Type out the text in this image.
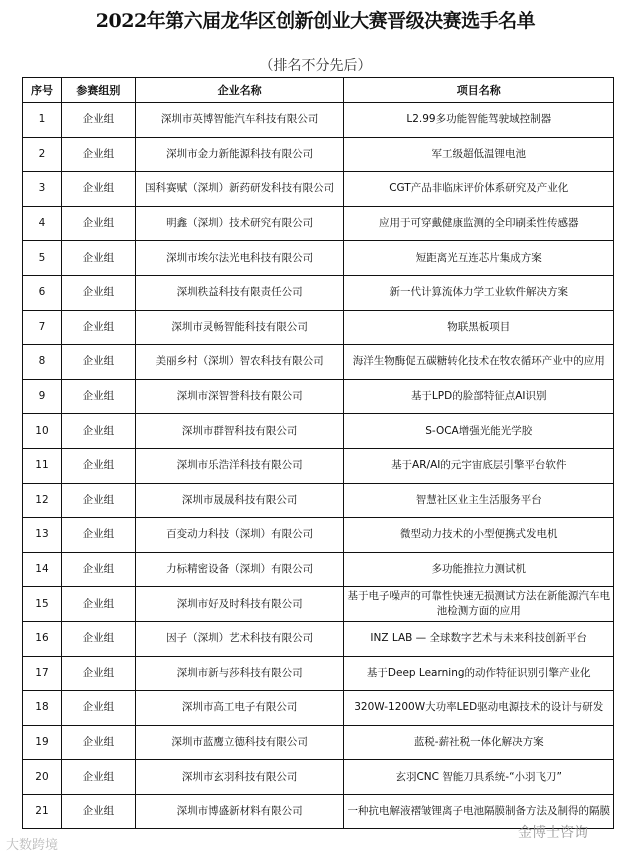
2022年第六届龙华区创新创业大赛晋级决赛选手名单
（排名不分先后）
序号	参赛组别	企业名称	项目名称
1	企业组	深圳市英博智能汽车科技有限公司	L2.99多功能智能驾驶域控制器
2	企业组	深圳市金力新能源科技有限公司	军工级超低温锂电池
3	企业组	国科赛赋（深圳）新药研发科技有限公司	CGT产品非临床评价体系研究及产业化
4	企业组	明鑫（深圳）技术研究有限公司	应用于可穿戴健康监测的全印刷柔性传感器
5	企业组	深圳市埃尔法光电科技有限公司	短距离光互连芯片集成方案
6	企业组	深圳秩益科技有限责任公司	新一代计算流体力学工业软件解决方案
7	企业组	深圳市灵畅智能科技有限公司	物联黑板项目
8	企业组	美丽乡村（深圳）智农科技有限公司	海洋生物酶促五碳糖转化技术在牧农循环产业中的应用
9	企业组	深圳市深智誉科技有限公司	基于LPD的脸部特征点AI识别
10	企业组	深圳市群智科技有限公司	S-OCA增强光能光学胶
11	企业组	深圳市乐浩洋科技有限公司	基于AR/AI的元宇宙底层引擎平台软件
12	企业组	深圳市晟晟科技有限公司	智慧社区业主生活服务平台
13	企业组	百变动力科技（深圳）有限公司	微型动力技术的小型便携式发电机
14	企业组	力标精密设备（深圳）有限公司	多功能推拉力测试机
15	企业组	深圳市好及时科技有限公司	基于电子噪声的可靠性快速无损测试方法在新能源汽车电池检测方面的应用
16	企业组	因子（深圳）艺术科技有限公司	INZ LAB — 全球数字艺术与未来科技创新平台
17	企业组	深圳市新与莎科技有限公司	基于Deep Learning的动作特征识别引擎产业化
18	企业组	深圳市高工电子有限公司	320W-1200W大功率LED驱动电源技术的设计与研发
19	企业组	深圳市蓝鹰立德科技有限公司	蓝税-薪社税一体化解决方案
20	企业组	深圳市玄羽科技有限公司	玄羽CNC 智能刀具系统-“小羽飞刀”
21	企业组	深圳市博盛新材料有限公司	一种抗电解液褶皱锂离子电池隔膜制备方法及制得的隔膜
大数跨境
金博士咨询
